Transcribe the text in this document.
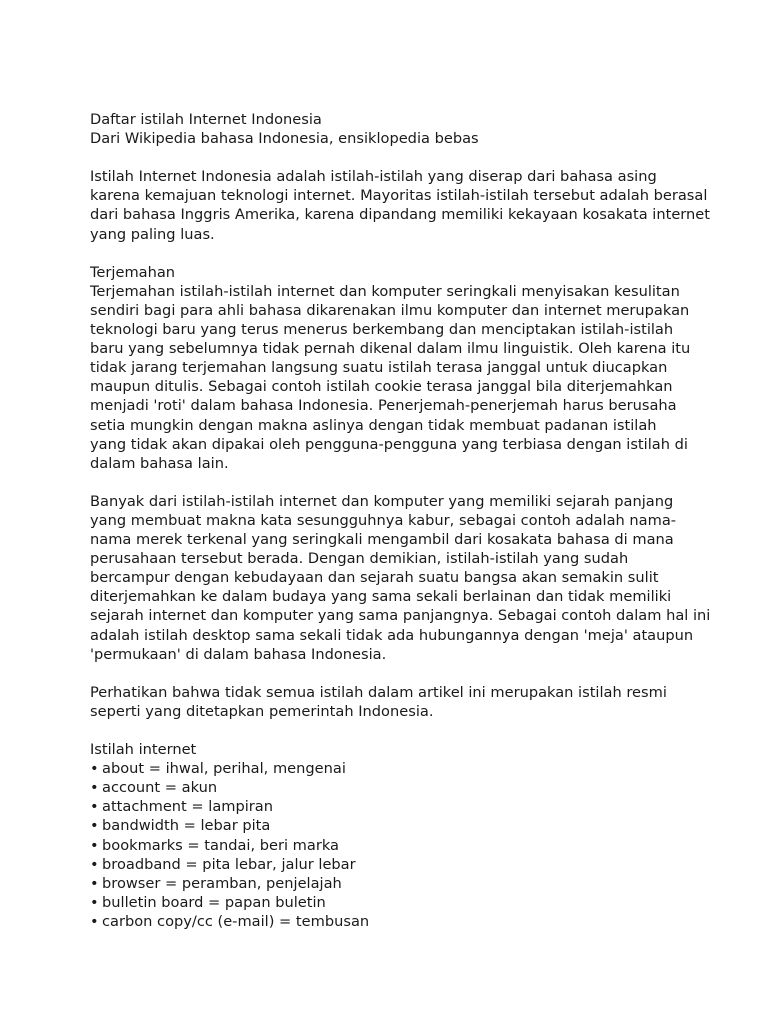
Daftar istilah Internet Indonesia
Dari Wikipedia bahasa Indonesia, ensiklopedia bebas
Istilah Internet Indonesia adalah istilah-istilah yang diserap dari bahasa asing
karena kemajuan teknologi internet. Mayoritas istilah-istilah tersebut adalah berasal
dari bahasa Inggris Amerika, karena dipandang memiliki kekayaan kosakata internet
yang paling luas.
Terjemahan
Terjemahan istilah-istilah internet dan komputer seringkali menyisakan kesulitan
sendiri bagi para ahli bahasa dikarenakan ilmu komputer dan internet merupakan
teknologi baru yang terus menerus berkembang dan menciptakan istilah-istilah
baru yang sebelumnya tidak pernah dikenal dalam ilmu linguistik. Oleh karena itu
tidak jarang terjemahan langsung suatu istilah terasa janggal untuk diucapkan
maupun ditulis. Sebagai contoh istilah cookie terasa janggal bila diterjemahkan
menjadi 'roti' dalam bahasa Indonesia. Penerjemah-penerjemah harus berusaha
setia mungkin dengan makna aslinya dengan tidak membuat padanan istilah
yang tidak akan dipakai oleh pengguna-pengguna yang terbiasa dengan istilah di
dalam bahasa lain.
Banyak dari istilah-istilah internet dan komputer yang memiliki sejarah panjang
yang membuat makna kata sesungguhnya kabur, sebagai contoh adalah nama-
nama merek terkenal yang seringkali mengambil dari kosakata bahasa di mana
perusahaan tersebut berada. Dengan demikian, istilah-istilah yang sudah
bercampur dengan kebudayaan dan sejarah suatu bangsa akan semakin sulit
diterjemahkan ke dalam budaya yang sama sekali berlainan dan tidak memiliki
sejarah internet dan komputer yang sama panjangnya. Sebagai contoh dalam hal ini
adalah istilah desktop sama sekali tidak ada hubungannya dengan 'meja' ataupun
'permukaan' di dalam bahasa Indonesia.
Perhatikan bahwa tidak semua istilah dalam artikel ini merupakan istilah resmi
seperti yang ditetapkan pemerintah Indonesia.
Istilah internet
• about = ihwal, perihal, mengenai
• account = akun
• attachment = lampiran
• bandwidth = lebar pita
• bookmarks = tandai, beri marka
• broadband = pita lebar, jalur lebar
• browser = peramban, penjelajah
• bulletin board = papan buletin
• carbon copy/cc (e-mail) = tembusan
